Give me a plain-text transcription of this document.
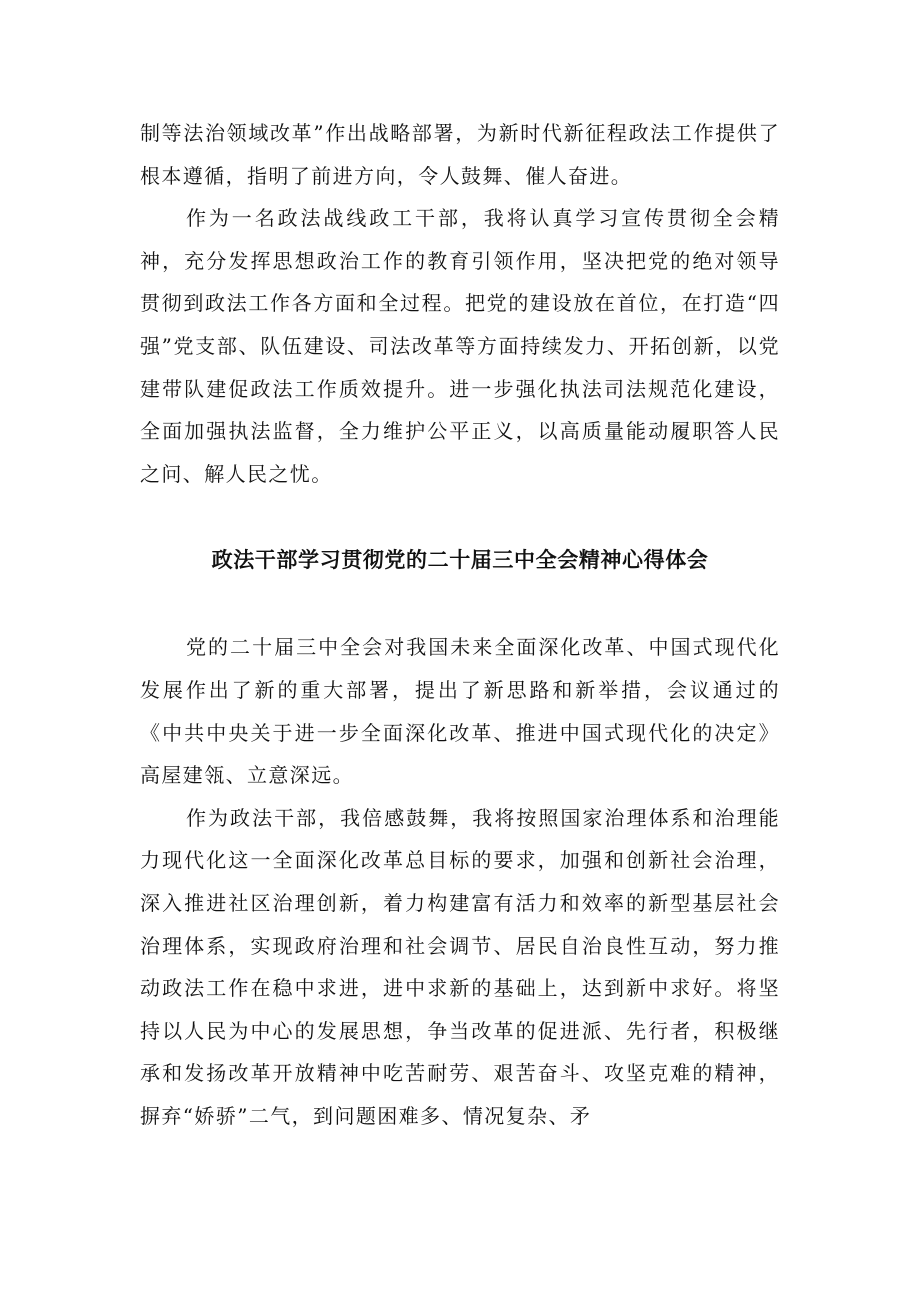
制等法治领域改革”作出战略部署，为新时代新征程政法工作提供了根本遵循，指明了前进方向，令人鼓舞、催人奋进。

作为一名政法战线政工干部，我将认真学习宣传贯彻全会精神，充分发挥思想政治工作的教育引领作用，坚决把党的绝对领导贯彻到政法工作各方面和全过程。把党的建设放在首位，在打造“四强”党支部、队伍建设、司法改革等方面持续发力、开拓创新，以党建带队建促政法工作质效提升。进一步强化执法司法规范化建设，全面加强执法监督，全力维护公平正义，以高质量能动履职答人民之问、解人民之忧。

政法干部学习贯彻党的二十届三中全会精神心得体会

党的二十届三中全会对我国未来全面深化改革、中国式现代化发展作出了新的重大部署，提出了新思路和新举措，会议通过的《中共中央关于进一步全面深化改革、推进中国式现代化的决定》高屋建瓴、立意深远。

作为政法干部，我倍感鼓舞，我将按照国家治理体系和治理能力现代化这一全面深化改革总目标的要求，加强和创新社会治理，深入推进社区治理创新，着力构建富有活力和效率的新型基层社会治理体系，实现政府治理和社会调节、居民自治良性互动，努力推动政法工作在稳中求进，进中求新的基础上，达到新中求好。将坚持以人民为中心的发展思想，争当改革的促进派、先行者，积极继承和发扬改革开放精神中吃苦耐劳、艰苦奋斗、攻坚克难的精神，摒弃“娇骄”二气，到问题困难多、情况复杂、矛
